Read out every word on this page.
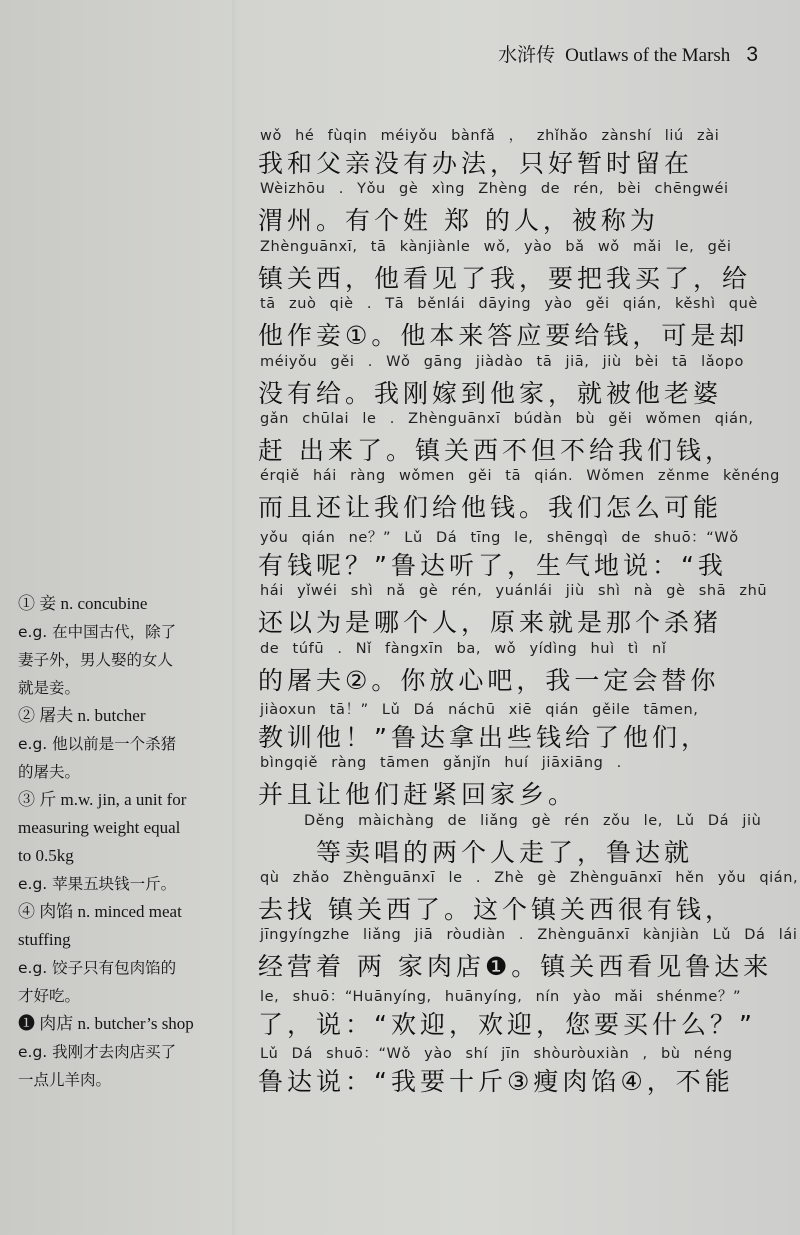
水浒传 Outlaws of the Marsh 3
wǒ hé fùqin méiyǒu bànfǎ ， zhǐhǎo zànshí liú zài
我和父亲没有办法，只好暂时留在
Wèizhōu . Yǒu gè xìng Zhèng de rén, bèi chēngwéi
渭州。有个姓 郑 的人，被称为
Zhènguānxī, tā kànjiànle wǒ, yào bǎ wǒ mǎi le, gěi
镇关西，他看见了我，要把我买了，给
tā zuò qiè . Tā běnlái dāying yào gěi qián, kěshì què
他作妾①。他本来答应要给钱，可是却
méiyǒu gěi . Wǒ gāng jiàdào tā jiā, jiù bèi tā lǎopo
没有给。我刚嫁到他家，就被他老婆
gǎn chūlai le . Zhènguānxī búdàn bù gěi wǒmen qián,
赶 出来了。镇关西不但不给我们钱，
érqiě hái ràng wǒmen gěi tā qián. Wǒmen zěnme kěnéng
而且还让我们给他钱。我们怎么可能
yǒu qián ne？” Lǔ Dá tīng le, shēngqì de shuō：“Wǒ
有钱呢？”鲁达听了，生气地说：“我
hái yǐwéi shì nǎ gè rén, yuánlái jiù shì nà gè shā zhū
还以为是哪个人，原来就是那个杀猪
de túfū . Nǐ fàngxīn ba, wǒ yídìng huì tì nǐ
的屠夫②。你放心吧，我一定会替你
jiàoxun tā！” Lǔ Dá náchū xiē qián gěile tāmen,
教训他！”鲁达拿出些钱给了他们，
bìngqiě ràng tāmen gǎnjǐn huí jiāxiāng .
并且让他们赶紧回家乡。
Děng màichàng de liǎng gè rén zǒu le, Lǔ Dá jiù
等卖唱的两个人走了，鲁达就
qù zhǎo Zhènguānxī le . Zhè gè Zhènguānxī hěn yǒu qián,
去找 镇关西了。这个镇关西很有钱，
jīngyíngzhe liǎng jiā ròudiàn . Zhènguānxī kànjiàn Lǔ Dá lái
经营着 两 家肉店❶。镇关西看见鲁达来
le, shuō：“Huānyíng, huānyíng, nín yào mǎi shénme？”
了，说：“欢迎，欢迎，您要买什么？”
Lǔ Dá shuō：“Wǒ yào shí jīn shòuròuxiàn , bù néng
鲁达说：“我要十斤③瘦肉馅④，不能
① 妾 n. concubine
e.g. 在中国古代，除了
妻子外，男人娶的女人
就是妾。
② 屠夫 n. butcher
e.g. 他以前是一个杀猪
的屠夫。
③ 斤 m.w. jin, a unit for
measuring weight equal
to 0.5kg
e.g. 苹果五块钱一斤。
④ 肉馅 n. minced meat
stuffing
e.g. 饺子只有包肉馅的
才好吃。
❶ 肉店 n. butcher’s shop
e.g. 我刚才去肉店买了
一点儿羊肉。
